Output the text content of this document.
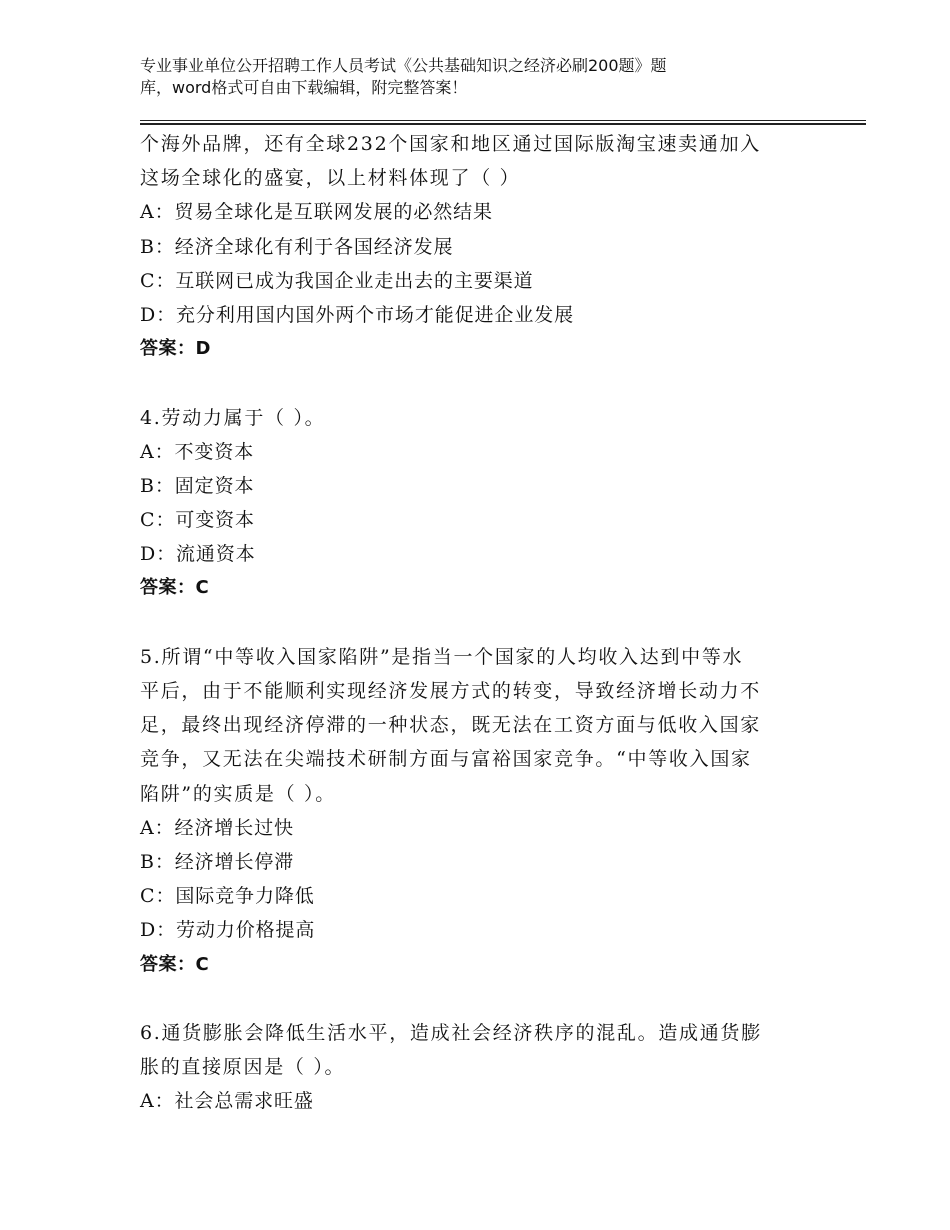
专业事业单位公开招聘工作人员考试《公共基础知识之经济必刷200题》题
库，word格式可自由下载编辑，附完整答案！
个海外品牌，还有全球232个国家和地区通过国际版淘宝速卖通加入
这场全球化的盛宴，以上材料体现了（ ）
A：贸易全球化是互联网发展的必然结果
B：经济全球化有利于各国经济发展
C：互联网已成为我国企业走出去的主要渠道
D：充分利用国内国外两个市场才能促进企业发展
答案：D
4.劳动力属于（ ）。
A：不变资本
B：固定资本
C：可变资本
D：流通资本
答案：C
5.所谓“中等收入国家陷阱”是指当一个国家的人均收入达到中等水
平后，由于不能顺利实现经济发展方式的转变，导致经济增长动力不
足，最终出现经济停滞的一种状态，既无法在工资方面与低收入国家
竞争，又无法在尖端技术研制方面与富裕国家竞争。“中等收入国家
陷阱”的实质是（ ）。
A：经济增长过快
B：经济增长停滞
C：国际竞争力降低
D：劳动力价格提高
答案：C
6.通货膨胀会降低生活水平，造成社会经济秩序的混乱。造成通货膨
胀的直接原因是（ ）。
A：社会总需求旺盛
